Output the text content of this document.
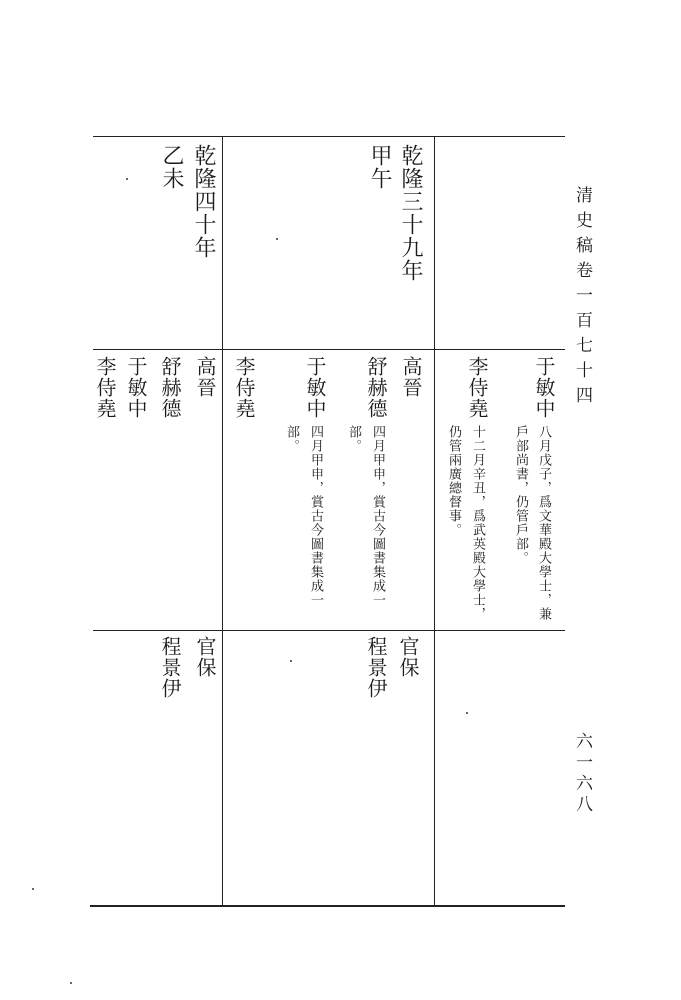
清史稿卷一百七十四
六一六八
乾隆三十九年
甲午
乾隆四十年
乙未
于敏中
八月戊子，爲文華殿大學士，兼
戶部尚書，仍管戶部。
李侍堯
十二月辛丑，爲武英殿大學士，
仍管兩廣總督事。
高晉
舒赫德
四月甲申，賞古今圖書集成一
部。
于敏中
四月甲申，賞古今圖書集成一
部。
李侍堯
高晉
舒赫德
于敏中
李侍堯
官保
程景伊
官保
程景伊
